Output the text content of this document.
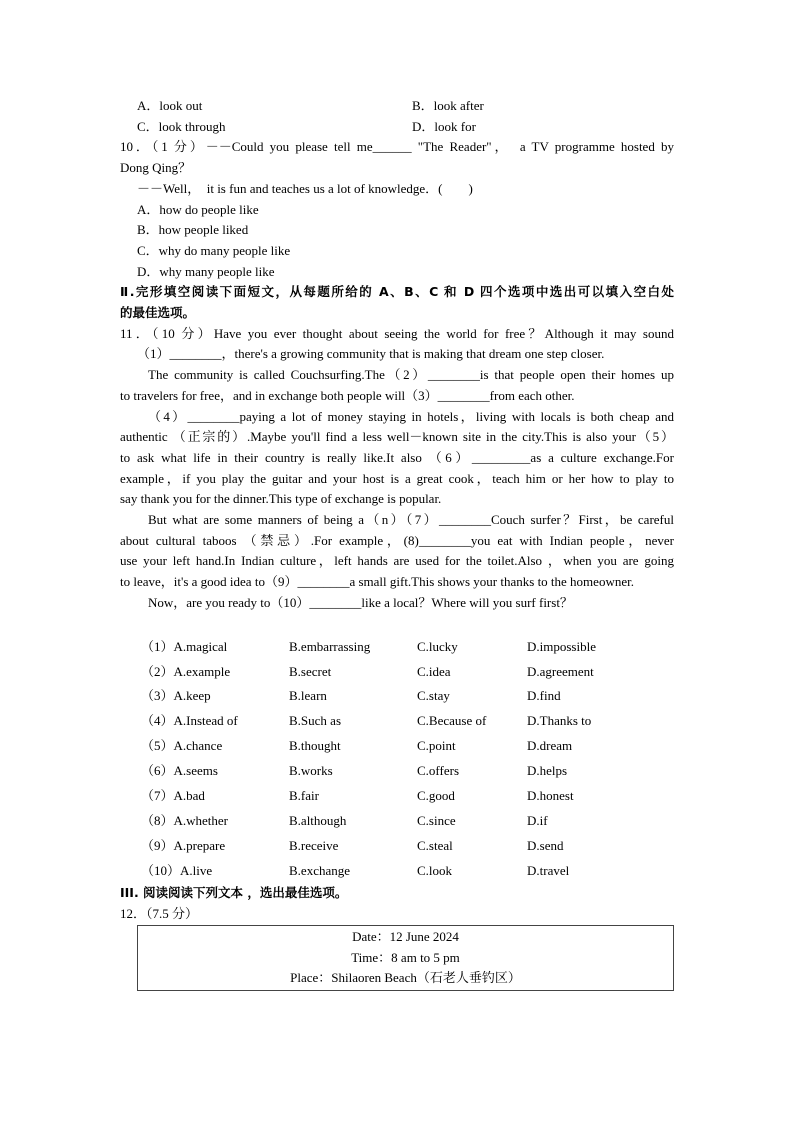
A．look out	B．look after
C．look through	D．look for
10．（1 分）－－Could you please tell me______ "The Reader"，　a TV programme hosted by
Dong Qing？
－－Well，　it is fun and teaches us a lot of knowledge．(　　)
A．how do people like
B．how people liked
C．why do many people like
D．why many people like
Ⅱ.完形填空阅读下面短文，从每题所给的 A、B、C 和 D 四个选项中选出可以填入空白处
的最佳选项。
11．（10 分）Have you ever thought about seeing the world for free？Although it may sound
（1）________，there's a growing community that is making that dream one step closer.
The community is called Couchsurfing.The（2）________is that people open their homes up
to travelers for free，and in exchange both people will（3）________from each other.
（4）________paying a lot of money staying in hotels，living with locals is both cheap and
authentic （正宗的）.Maybe you'll find a less well－known site in the city.This is also your（5）
to ask what life in their country is really like.It also （6）_________as a culture exchange.For
example，if you play the guitar and your host is a great cook，teach him or her how to play to
say thank you for the dinner.This type of exchange is popular.
But what are some manners of being a（n）（7）________Couch surfer？First，be careful
about cultural taboos （禁忌）.For example，(8)________you eat with Indian people，never
use your left hand.In Indian culture，left hands are used for the toilet.Also ，when you are going
to leave，it's a good idea to（9）________a small gift.This shows your thanks to the homeowner.
Now，are you ready to（10）________like a local？Where will you surf first？
（1）A.magical	B.embarrassing	C.lucky	D.impossible
（2）A.example	B.secret	C.idea	D.agreement
（3）A.keep	B.learn	C.stay	D.find
（4）A.Instead of	B.Such as	C.Because of	D.Thanks to
（5）A.chance	B.thought	C.point	D.dream
（6）A.seems	B.works	C.offers	D.helps
（7）A.bad	B.fair	C.good	D.honest
（8）A.whether	B.although	C.since	D.if
（9）A.prepare	B.receive	C.steal	D.send
（10）A.live	B.exchange	C.look	D.travel
III. 阅读阅读下列文本 ，选出最佳选项。
12．（7.5 分）
Date：12 June 2024
Time：8 am to 5 pm
Place：Shilaoren Beach（石老人垂钓区）
